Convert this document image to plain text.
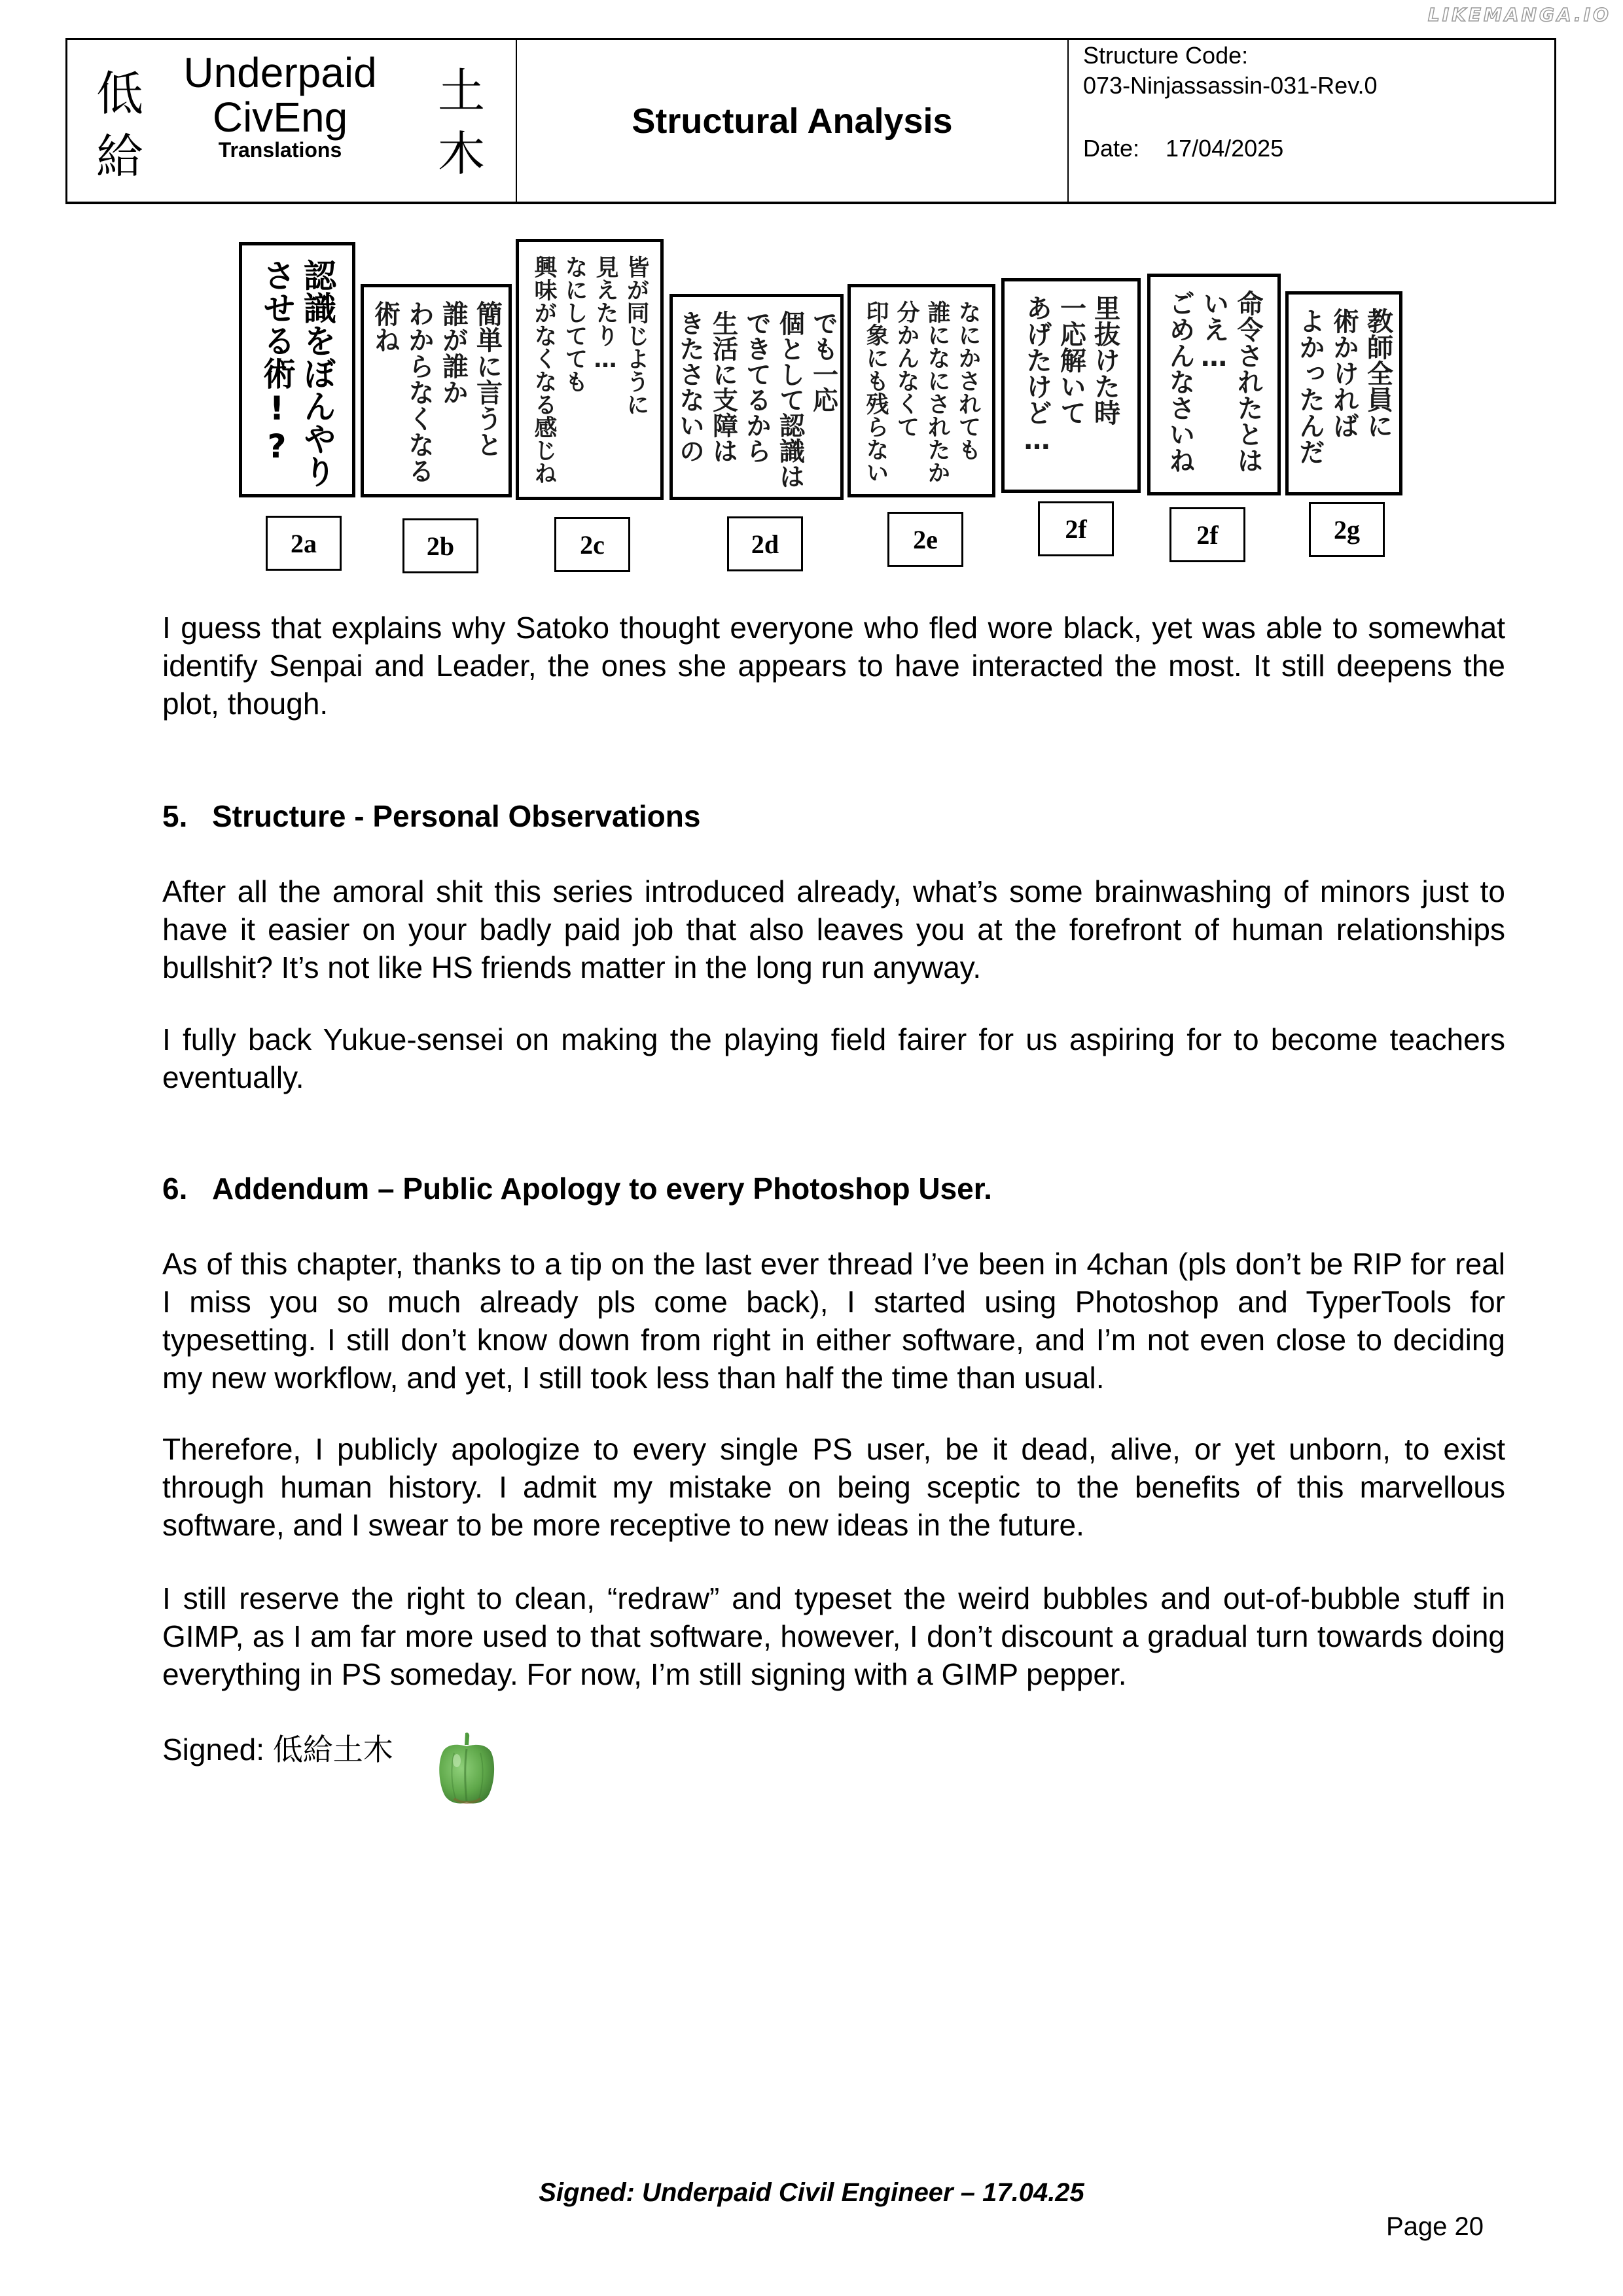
LIKEMANGA.IO
低
給
Underpaid
CivEng
Translations
土
木
Structural Analysis
Structure Code:
073-Ninjassassin-031-Rev.0
Date: 17/04/2025
認識をぼんやり
させる術!?
2a
簡単に言うと
誰が誰か
わからなくなる
術ね
2b
皆が同じように
見えたり…
なにしてても
興味がなくなる感じね
2c
でも一応
個として認識は
できてるから
生活に支障は
きたさないの
2d
なにかされても
誰になにされたか
分かんなくて
印象にも残らない
2e
里抜けた時
一応解いて
あげたけど…
2f
命令されたとは
いえ…
ごめんなさいね
2f
教師全員に
術かければ
よかったんだ
2g

I guess that explains why Satoko thought everyone who fled wore black, yet was able to somewhat identify Senpai and Leader, the ones she appears to have interacted the most. It still deepens the plot, though.

5. Structure - Personal Observations

After all the amoral shit this series introduced already, what’s some brainwashing of minors just to have it easier on your badly paid job that also leaves you at the forefront of human relationships bullshit? It’s not like HS friends matter in the long run anyway.

I fully back Yukue-sensei on making the playing field fairer for us aspiring for to become teachers eventually.

6. Addendum – Public Apology to every Photoshop User.

As of this chapter, thanks to a tip on the last ever thread I’ve been in 4chan (pls don’t be RIP for real I miss you so much already pls come back), I started using Photoshop and TyperTools for typesetting. I still don’t know down from right in either software, and I’m not even close to deciding my new workflow, and yet, I still took less than half the time than usual.

Therefore, I publicly apologize to every single PS user, be it dead, alive, or yet unborn, to exist through human history. I admit my mistake on being sceptic to the benefits of this marvellous software, and I swear to be more receptive to new ideas in the future.

I still reserve the right to clean, “redraw” and typeset the weird bubbles and out-of-bubble stuff in GIMP, as I am far more used to that software, however, I don’t discount a gradual turn towards doing everything in PS someday. For now, I’m still signing with a GIMP pepper.

Signed: 低給土木
Signed: Underpaid Civil Engineer – 17.04.25
Page 20
